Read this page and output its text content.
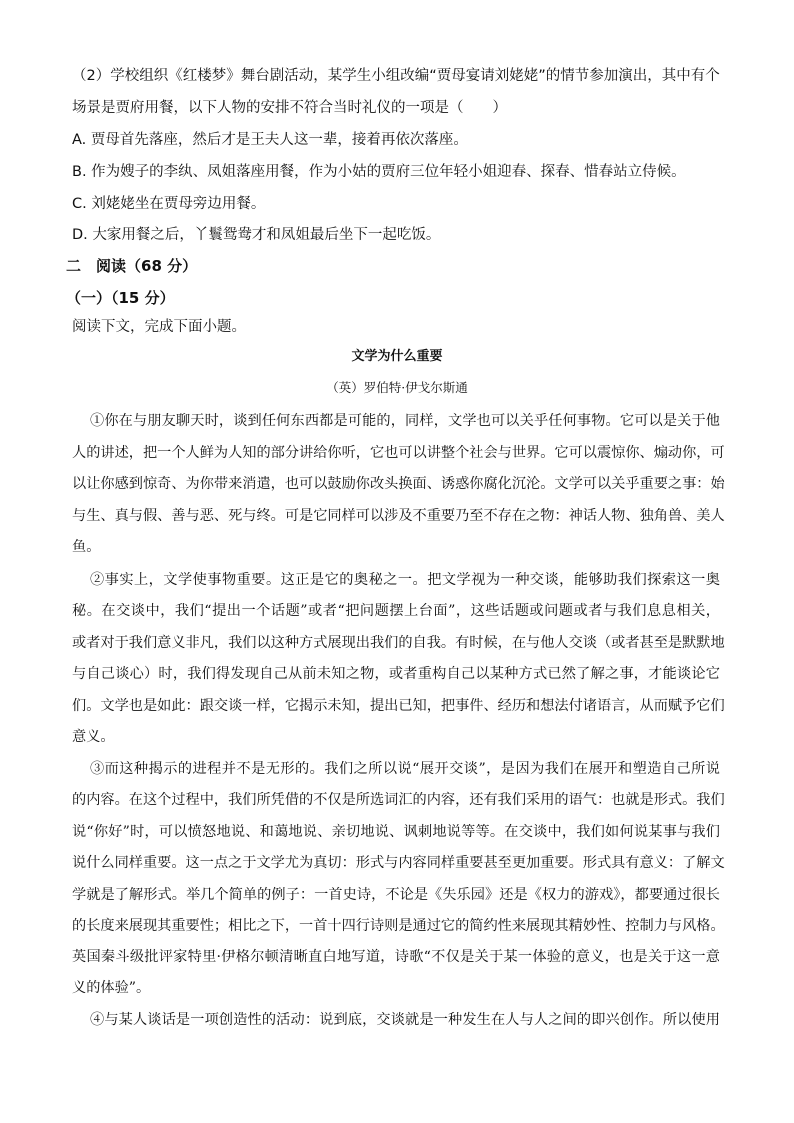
（2）学校组织《红楼梦》舞台剧活动，某学生小组改编“贾母宴请刘姥姥”的情节参加演出，其中有个
场景是贾府用餐，以下人物的安排不符合当时礼仪的一项是（　　）
A. 贾母首先落座，然后才是王夫人这一辈，接着再依次落座。
B. 作为嫂子的李纨、凤姐落座用餐，作为小姑的贾府三位年轻小姐迎春、探春、惜春站立侍候。
C. 刘姥姥坐在贾母旁边用餐。
D. 大家用餐之后，丫鬟鸳鸯才和凤姐最后坐下一起吃饭。
二　阅读（68 分）
（一）（15 分）
阅读下文，完成下面小题。
文学为什么重要
（英）罗伯特·伊戈尔斯通
①你在与朋友聊天时，谈到任何东西都是可能的，同样，文学也可以关乎任何事物。它可以是关于他
人的讲述，把一个人鲜为人知的部分讲给你听，它也可以讲整个社会与世界。它可以震惊你、煽动你，可
以让你感到惊奇、为你带来消遣，也可以鼓励你改头换面、诱惑你腐化沉沦。文学可以关乎重要之事：始
与生、真与假、善与恶、死与终。可是它同样可以涉及不重要乃至不存在之物：神话人物、独角兽、美人
鱼。
②事实上，文学使事物重要。这正是它的奥秘之一。把文学视为一种交谈，能够助我们探索这一奥
秘。在交谈中，我们“提出一个话题”或者“把问题摆上台面”，这些话题或问题或者与我们息息相关，
或者对于我们意义非凡，我们以这种方式展现出我们的自我。有时候，在与他人交谈（或者甚至是默默地
与自己谈心）时，我们得发现自己从前未知之物，或者重构自己以某种方式已然了解之事，才能谈论它
们。文学也是如此：跟交谈一样，它揭示未知，提出已知，把事件、经历和想法付诸语言，从而赋予它们
意义。
③而这种揭示的进程并不是无形的。我们之所以说“展开交谈”，是因为我们在展开和塑造自己所说
的内容。在这个过程中，我们所凭借的不仅是所选词汇的内容，还有我们采用的语气：也就是形式。我们
说“你好”时，可以愤怒地说、和蔼地说、亲切地说、讽刺地说等等。在交谈中，我们如何说某事与我们
说什么同样重要。这一点之于文学尤为真切：形式与内容同样重要甚至更加重要。形式具有意义：了解文
学就是了解形式。举几个简单的例子：一首史诗，不论是《失乐园》还是《权力的游戏》，都要通过很长
的长度来展现其重要性；相比之下，一首十四行诗则是通过它的简约性来展现其精妙性、控制力与风格。
英国秦斗级批评家特里·伊格尔顿清晰直白地写道，诗歌“不仅是关于某一体验的意义，也是关于这一意
义的体验”。
④与某人谈话是一项创造性的活动：说到底，交谈就是一种发生在人与人之间的即兴创作。所以使用
